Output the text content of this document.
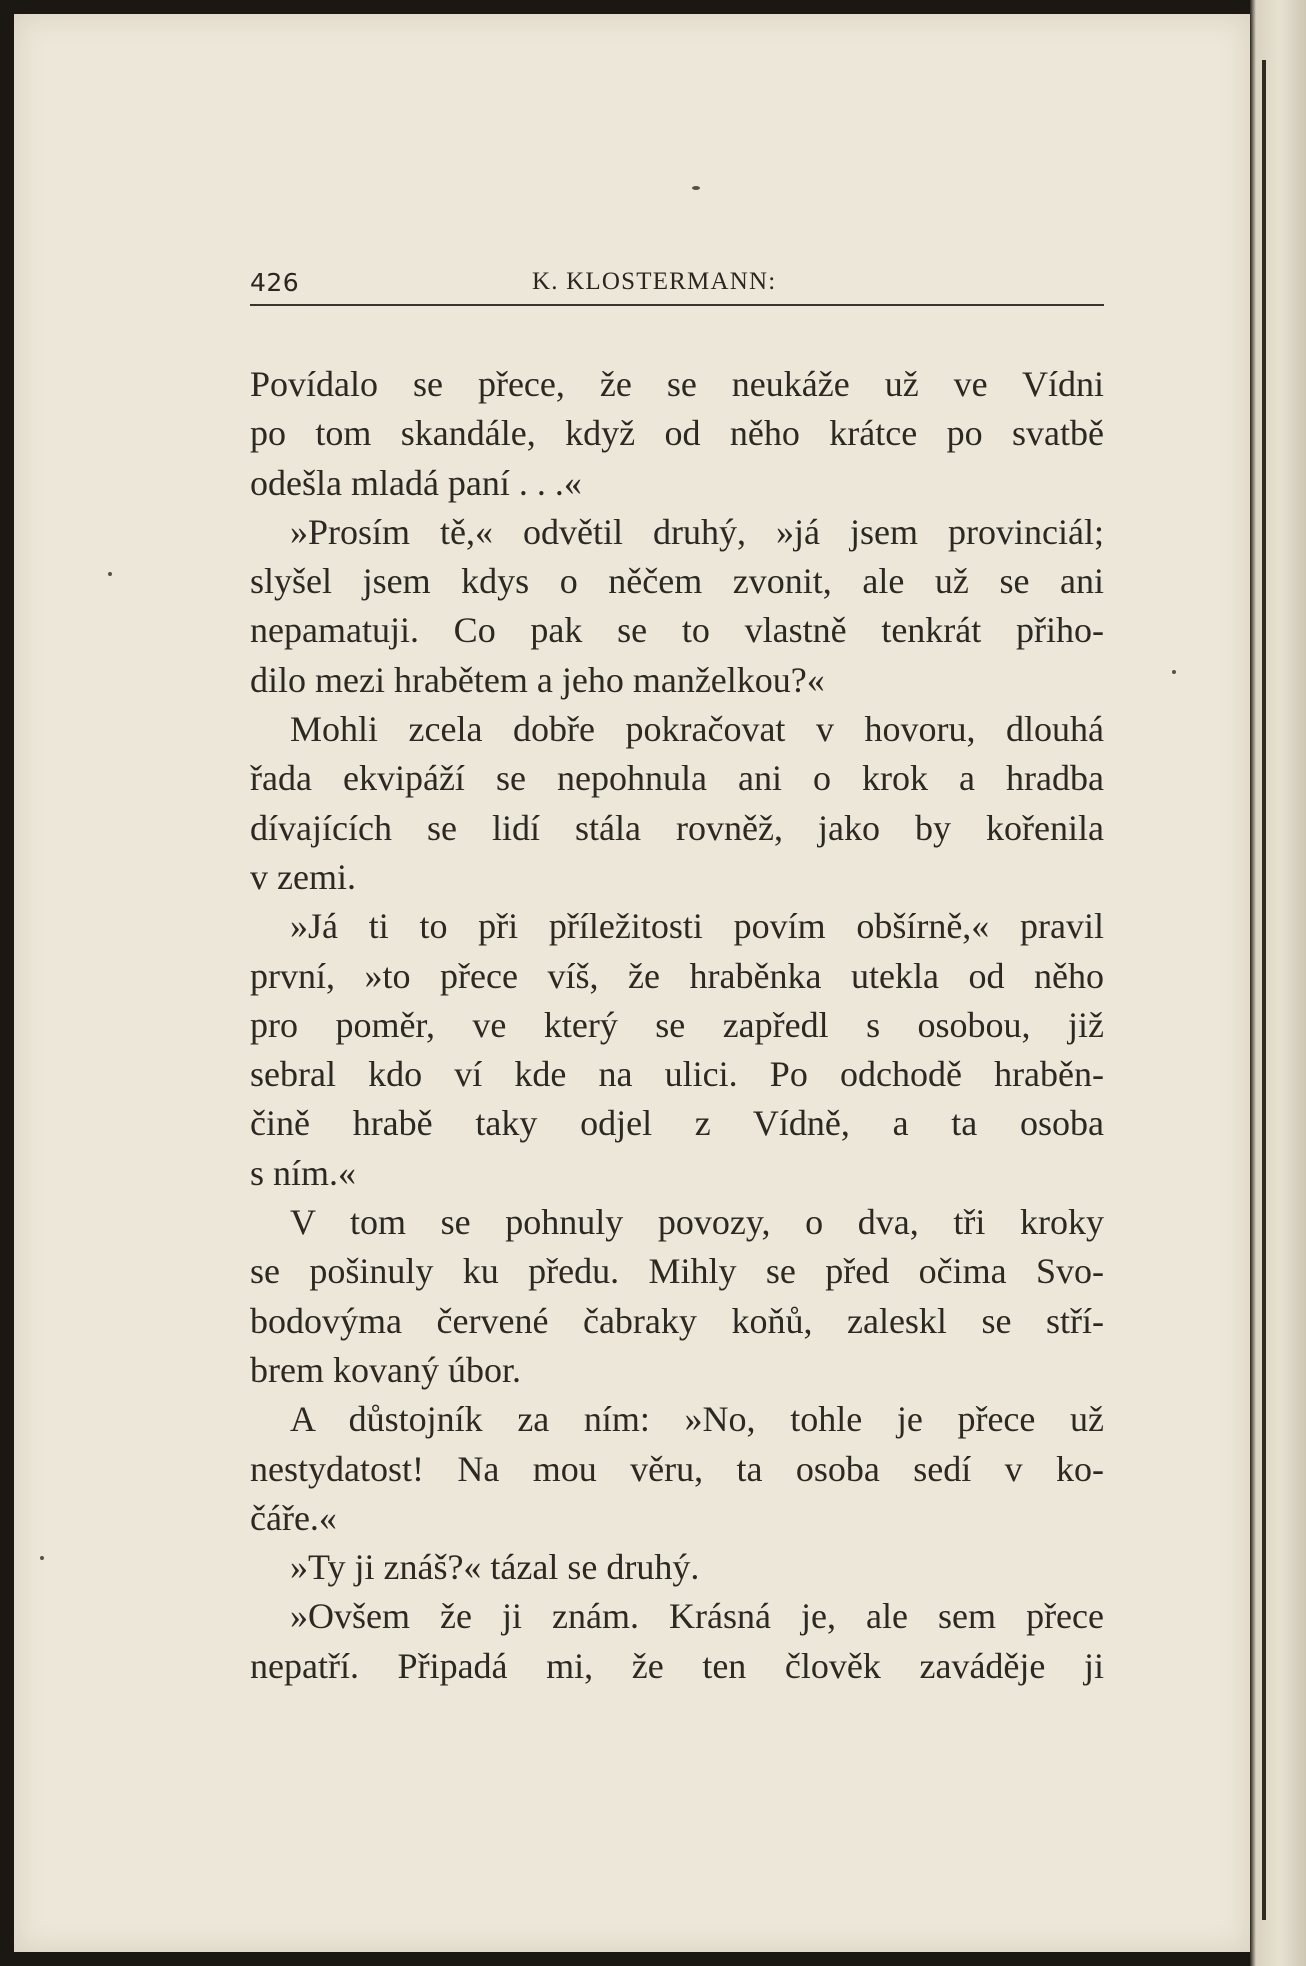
426	K. KLOSTERMANN:
Povídalo se přece, že se neukáže už ve Vídni
po tom skandále, když od něho krátce po svatbě
odešla mladá paní . . .«
»Prosím tě,« odvětil druhý, »já jsem provinciál;
slyšel jsem kdys o něčem zvonit, ale už se ani
nepamatuji. Co pak se to vlastně tenkrát přiho-
dilo mezi hrabětem a jeho manželkou?«
Mohli zcela dobře pokračovat v hovoru, dlouhá
řada ekvipáží se nepohnula ani o krok a hradba
dívajících se lidí stála rovněž, jako by kořenila
v zemi.
»Já ti to při příležitosti povím obšírně,« pravil
první, »to přece víš, že hraběnka utekla od něho
pro poměr, ve který se zapředl s osobou, již
sebral kdo ví kde na ulici. Po odchodě hraběn-
čině hrabě taky odjel z Vídně, a ta osoba
s ním.«
V tom se pohnuly povozy, o dva, tři kroky
se pošinuly ku předu. Mihly se před očima Svo-
bodovýma červené čabraky koňů, zaleskl se stří-
brem kovaný úbor.
A důstojník za ním: »No, tohle je přece už
nestydatost! Na mou věru, ta osoba sedí v ko-
čáře.«
»Ty ji znáš?« tázal se druhý.
»Ovšem že ji znám. Krásná je, ale sem přece
nepatří. Připadá mi, že ten člověk zaváděje ji
